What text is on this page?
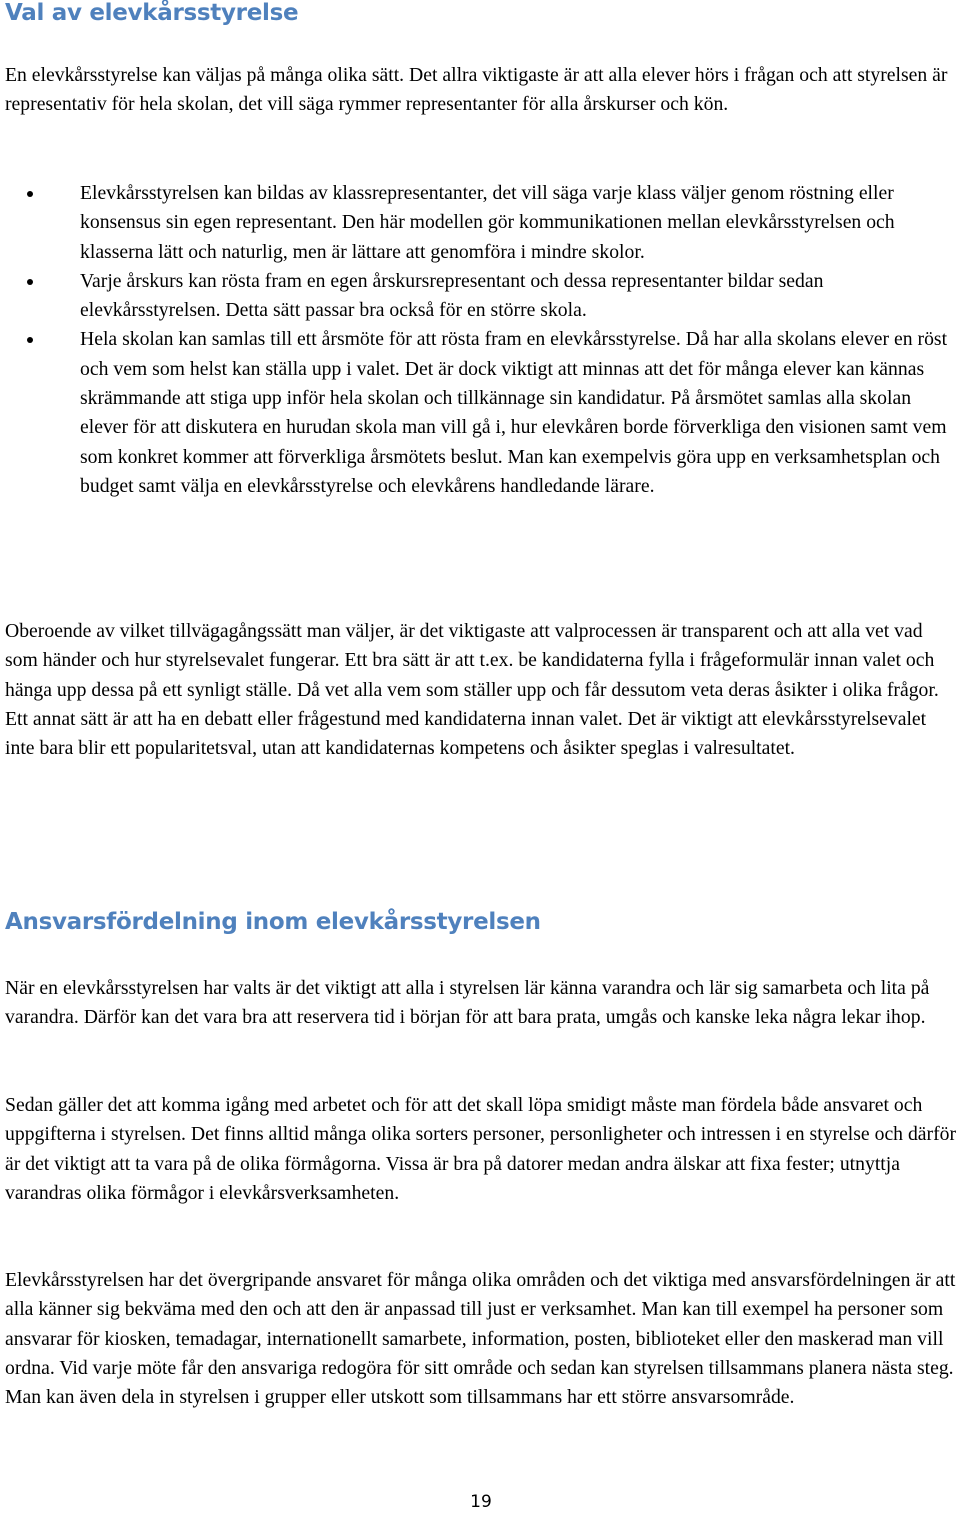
Val av elevkårsstyrelse

En elevkårsstyrelse kan väljas på många olika sätt. Det allra viktigaste är att alla elever hörs i frågan och att styrelsen är representativ för hela skolan, det vill säga rymmer representanter för alla årskurser och kön.

Elevkårsstyrelsen kan bildas av klassrepresentanter, det vill säga varje klass väljer genom röstning eller konsensus sin egen representant. Den här modellen gör kommunikationen mellan elevkårsstyrelsen och klasserna lätt och naturlig, men är lättare att genomföra i mindre skolor.
Varje årskurs kan rösta fram en egen årskursrepresentant och dessa representanter bildar sedan elevkårsstyrelsen. Detta sätt passar bra också för en större skola.
Hela skolan kan samlas till ett årsmöte för att rösta fram en elevkårsstyrelse. Då har alla skolans elever en röst och vem som helst kan ställa upp i valet. Det är dock viktigt att minnas att det för många elever kan kännas skrämmande att stiga upp inför hela skolan och tillkännage sin kandidatur. På årsmötet samlas alla skolan elever för att diskutera en hurudan skola man vill gå i, hur elevkåren borde förverkliga den visionen samt vem som konkret kommer att förverkliga årsmötets beslut. Man kan exempelvis göra upp en verksamhetsplan och budget samt välja en elevkårsstyrelse och elevkårens handledande lärare.

Oberoende av vilket tillvägagångssätt man väljer, är det viktigaste att valprocessen är transparent och att alla vet vad som händer och hur styrelsevalet fungerar. Ett bra sätt är att t.ex. be kandidaterna fylla i frågeformulär innan valet och hänga upp dessa på ett synligt ställe. Då vet alla vem som ställer upp och får dessutom veta deras åsikter i olika frågor. Ett annat sätt är att ha en debatt eller frågestund med kandidaterna innan valet. Det är viktigt att elevkårsstyrelsevalet inte bara blir ett popularitetsval, utan att kandidaternas kompetens och åsikter speglas i valresultatet.

Ansvarsfördelning inom elevkårsstyrelsen

När en elevkårsstyrelsen har valts är det viktigt att alla i styrelsen lär känna varandra och lär sig samarbeta och lita på varandra. Därför kan det vara bra att reservera tid i början för att bara prata, umgås och kanske leka några lekar ihop.

Sedan gäller det att komma igång med arbetet och för att det skall löpa smidigt måste man fördela både ansvaret och uppgifterna i styrelsen. Det finns alltid många olika sorters personer, personligheter och intressen i en styrelse och därför är det viktigt att ta vara på de olika förmågorna. Vissa är bra på datorer medan andra älskar att fixa fester; utnyttja varandras olika förmågor i elevkårsverksamheten.

Elevkårsstyrelsen har det övergripande ansvaret för många olika områden och det viktiga med ansvarsfördelningen är att alla känner sig bekväma med den och att den är anpassad till just er verksamhet. Man kan till exempel ha personer som ansvarar för kiosken, temadagar, internationellt samarbete, information, posten, biblioteket eller den maskerad man vill ordna. Vid varje möte får den ansvariga redogöra för sitt område och sedan kan styrelsen tillsammans planera nästa steg. Man kan även dela in styrelsen i grupper eller utskott som tillsammans har ett större ansvarsområde.

19
